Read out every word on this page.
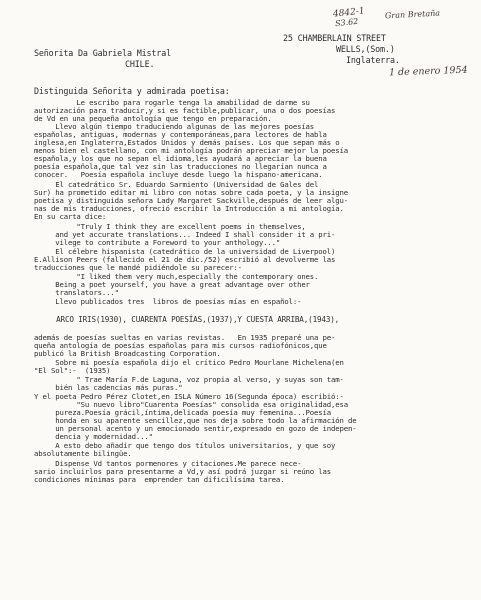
4842-1
S3.62
Gran Bretaña
25 CHAMBERLAIN STREET
WELLS,(Som.)
Inglaterra.
1 de enero 1954
Señorita Da Gabriela Mistral
CHILE.
Distinguida Señorita y admirada poetisa:
Le escribo para rogarle tenga la amabilidad de darme su
autorización para traducir,y si es factible,publicar, una o dos poesías
de Vd en una pequeña antología que tengo en preparación.
Llevo algún tiempo traduciendo algunas de las mejores poesías
españolas, antiguas, modernas y contemporáneas,para lectores de habla
inglesa,en Inglaterra,Estados Unidos y demás países. Los que sepan más o
menos bien el castellano, con mi antología podrán apreciar mejor la poesía
española,y los que no sepan el idioma,les ayudará a apreciar la buena
poesía española,que tal vez sin las traducciones no llegarían nunca a
conocer.   Poesía española incluye desde luego la hispano-americana.
El catedrático Sr. Eduardo Sarmiento (Universidad de Gales del
Sur) ha prometido editar mi libro con notas sobre cada poeta, y la insigne
poetisa y distinguida señora Lady Margaret Sackville,después de leer algu-
nas de mis traducciones, ofreció escribir la Introducción a mi antología.
En su carta dice:
"Truly I think they are excellent poems in themselves,
and yet accurate translations... Indeed I shall consider it a pri-
vilege to contribute a Foreword to your anthology..."
El célebre hispanista (catedrático de la universidad de Liverpool)
E.Allison Peers (fallecido el 21 de dic./52) escribió al devolverme las
traducciones que le mandé pidiéndole su parecer:-
"I liked them very much,especially the contemporary ones.
Being a poet yourself, you have a great advantage over other
translators..."
Llevo publicados tres  libros de poesías mías en español:-
ARCO IRIS(1930), CUARENTA POESÍAS,(1937),Y CUESTA ARRIBA,(1943),
además de poesías sueltas en varias revistas.   En 1935 preparé una pe-
queña antología de poesías españolas para mis cursos radiofónicos,que
publicó la British Broadcasting Corporation.
Sobre mi poesía española dijo el crítico Pedro Mourlane Michelena(en
"El Sol":-  (1935)
" Trae María F.de Laguna, voz propia al verso, y suyas son tam-
bién las cadencias más puras."
Y el poeta Pedro Pérez Clotet,en ISLA Número 16(Segunda época) escribió:-
"Su nuevo libro"Cuarenta Poesías" consolida esa originalidad,esa
pureza.Poesía grácil,íntima,delicada poesía muy femenina...Poesía
honda en su aparente sencillez,que nos deja sobre todo la afirmación de
un personal acento y un emocionado sentir,expresado en gozo de indepen-
dencia y modernidad..."
A esto debo añadir que tengo dos títulos universitarios, y que soy
absolutamente bilingüe.
Dispense Vd tantos pormenores y citaciones.Me parece nece-
sario incluirlos para presentarme a Vd,y así podrá juzgar si reúno las
condiciones mínimas para  emprender tan dificilísima tarea.
